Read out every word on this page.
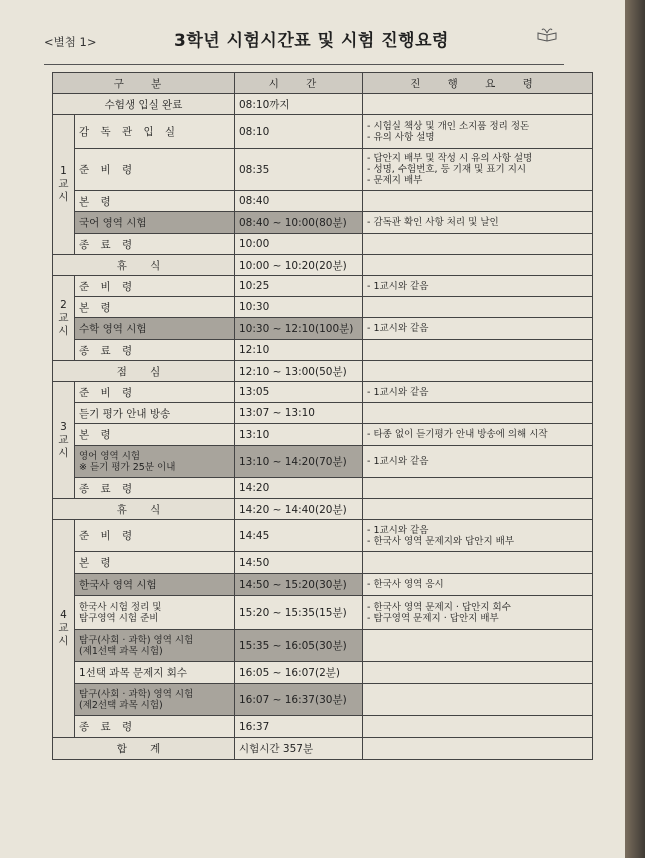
<별첨 1>	3학년 시험시간표 및 시험 진행요령
구 분		시 간	진 행 요 령
수험생 입실 완료		08:10까지	
1교시	감 독 관 입 실	08:10	- 시험실 책상 및 개인 소지품 정리 정돈
- 유의 사항 설명
	준 비 령	08:35	- 답안지 배부 및 작성 시 유의 사항 설명
- 성명, 수험번호, 등 기재 및 표기 지시
- 문제지 배부
	본 령	08:40	
	국어 영역 시험	08:40 ~ 10:00(80분)	- 감독관 확인 사항 처리 및 날인
	종 료 령	10:00	
휴 식		10:00 ~ 10:20(20분)	
2교시	준 비 령	10:25	- 1교시와 같음
	본 령	10:30	
	수학 영역 시험	10:30 ~ 12:10(100분)	- 1교시와 같음
	종 료 령	12:10	
점 심		12:10 ~ 13:00(50분)	
3교시	준 비 령	13:05	- 1교시와 같음
	듣기 평가 안내 방송	13:07 ~ 13:10	
	본 령	13:10	- 타종 없이 듣기평가 안내 방송에 의해 시작
	영어 영역 시험
※ 듣기 평가 25분 이내	13:10 ~ 14:20(70분)	- 1교시와 같음
	종 료 령	14:20	
휴 식		14:20 ~ 14:40(20분)	
4교시	준 비 령	14:45	- 1교시와 같음
- 한국사 영역 문제지와 답안지 배부
	본 령	14:50	
	한국사 영역 시험	14:50 ~ 15:20(30분)	- 한국사 영역 응시
	한국사 시험 정리 및
탐구영역 시험 준비	15:20 ~ 15:35(15분)	- 한국사 영역 문제지 · 답안지 회수
- 탐구영역 문제지 · 답안지 배부
	탐구(사회 · 과학) 영역 시험
(제1선택 과목 시험)	15:35 ~ 16:05(30분)	
	1선택 과목 문제지 회수	16:05 ~ 16:07(2분)	
	탐구(사회 · 과학) 영역 시험
(제2선택 과목 시험)	16:07 ~ 16:37(30분)	
	종 료 령	16:37	
합 계		시험시간 357분	
